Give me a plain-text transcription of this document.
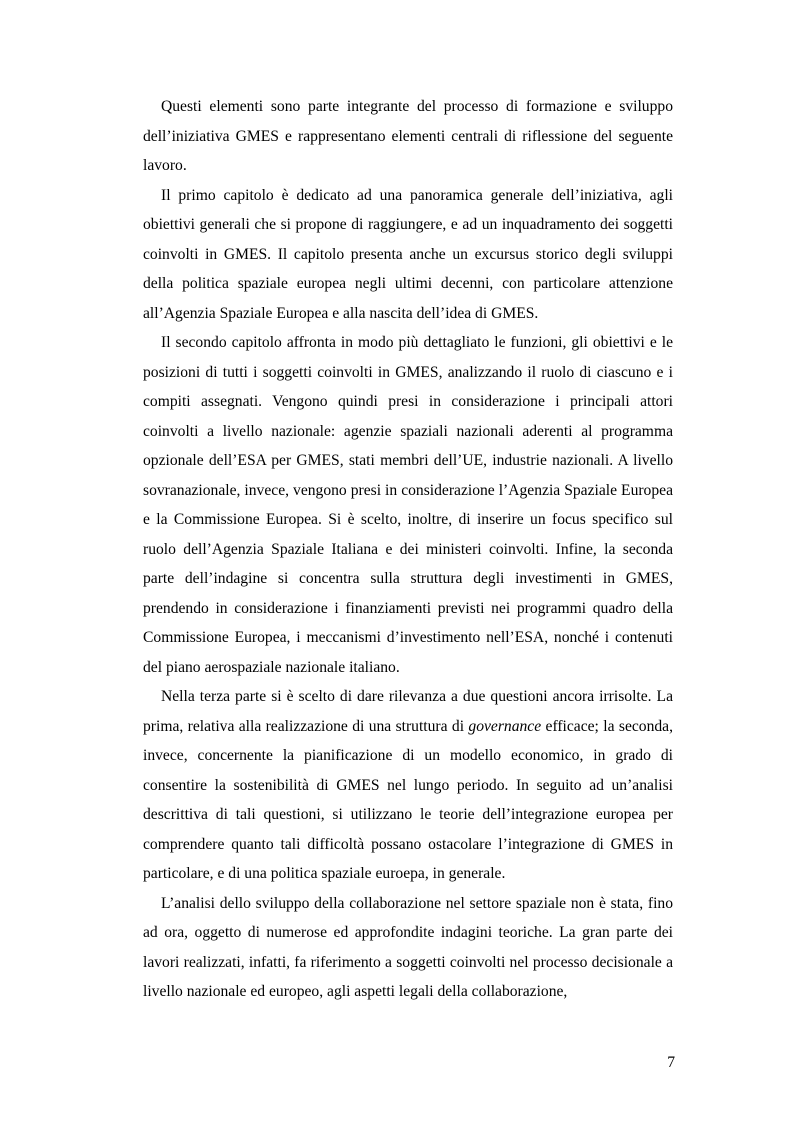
Questi elementi sono parte integrante del processo di formazione e sviluppo dell’iniziativa GMES e rappresentano elementi centrali di riflessione del seguente lavoro.

Il primo capitolo è dedicato ad una panoramica generale dell’iniziativa, agli obiettivi generali che si propone di raggiungere, e ad un inquadramento dei soggetti coinvolti in GMES. Il capitolo presenta anche un excursus storico degli sviluppi della politica spaziale europea negli ultimi decenni, con particolare attenzione all’Agenzia Spaziale Europea e alla nascita dell’idea di GMES.

Il secondo capitolo affronta in modo più dettagliato le funzioni, gli obiettivi e le posizioni di tutti i soggetti coinvolti in GMES, analizzando il ruolo di ciascuno e i compiti assegnati. Vengono quindi presi in considerazione i principali attori coinvolti a livello nazionale: agenzie spaziali nazionali aderenti al programma opzionale dell’ESA per GMES, stati membri dell’UE, industrie nazionali. A livello sovranazionale, invece, vengono presi in considerazione l’Agenzia Spaziale Europea e la Commissione Europea. Si è scelto, inoltre, di inserire un focus specifico sul ruolo dell’Agenzia Spaziale Italiana e dei ministeri coinvolti. Infine, la seconda parte dell’indagine si concentra sulla struttura degli investimenti in GMES, prendendo in considerazione i finanziamenti previsti nei programmi quadro della Commissione Europea, i meccanismi d’investimento nell’ESA, nonché i contenuti del piano aerospaziale nazionale italiano.

Nella terza parte si è scelto di dare rilevanza a due questioni ancora irrisolte. La prima, relativa alla realizzazione di una struttura di governance efficace; la seconda, invece, concernente la pianificazione di un modello economico, in grado di consentire la sostenibilità di GMES nel lungo periodo. In seguito ad un’analisi descrittiva di tali questioni, si utilizzano le teorie dell’integrazione europea per comprendere quanto tali difficoltà possano ostacolare l’integrazione di GMES in particolare, e di una politica spaziale euroepa, in generale.

L’analisi dello sviluppo della collaborazione nel settore spaziale non è stata, fino ad ora, oggetto di numerose ed approfondite indagini teoriche. La gran parte dei lavori realizzati, infatti, fa riferimento a soggetti coinvolti nel processo decisionale a livello nazionale ed europeo, agli aspetti legali della collaborazione,

7
